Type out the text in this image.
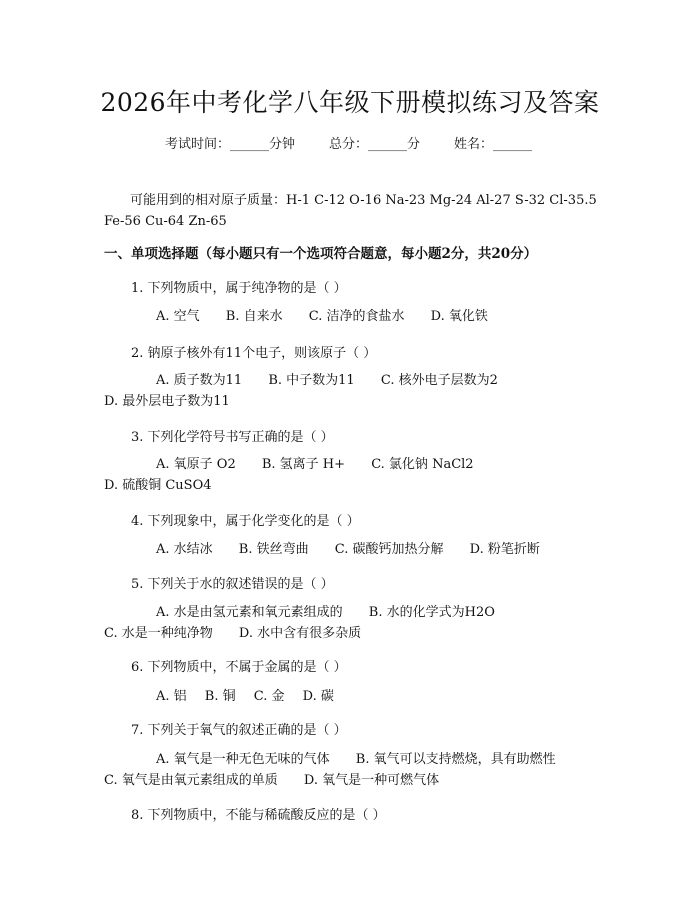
2026年中考化学八年级下册模拟练习及答案
考试时间：______分钟	总分：______分	姓名：______
可能用到的相对原子质量：H-1 C-12 O-16 Na-23 Mg-24 Al-27 S-32 Cl-35.5 Fe-56 Cu-64 Zn-65
一、单项选择题（每小题只有一个选项符合题意，每小题2分，共20分）
1. 下列物质中，属于纯净物的是（ ）
A. 空气 B. 自来水 C. 洁净的食盐水 D. 氧化铁
2. 钠原子核外有11个电子，则该原子（ ）
A. 质子数为11 B. 中子数为11 C. 核外电子层数为2 D. 最外层电子数为11
3. 下列化学符号书写正确的是（ ）
A. 氧原子 O2 B. 氢离子 H+ C. 氯化钠 NaCl2 D. 硫酸铜 CuSO4
4. 下列现象中，属于化学变化的是（ ）
A. 水结冰 B. 铁丝弯曲 C. 碳酸钙加热分解 D. 粉笔折断
5. 下列关于水的叙述错误的是（ ）
A. 水是由氢元素和氧元素组成的 B. 水的化学式为H2O C. 水是一种纯净物 D. 水中含有很多杂质
6. 下列物质中，不属于金属的是（ ）
A. 铝 B. 铜 C. 金 D. 碳
7. 下列关于氧气的叙述正确的是（ ）
A. 氧气是一种无色无味的气体 B. 氧气可以支持燃烧，具有助燃性 C. 氧气是由氧元素组成的单质 D. 氧气是一种可燃气体
8. 下列物质中，不能与稀硫酸反应的是（ ）
